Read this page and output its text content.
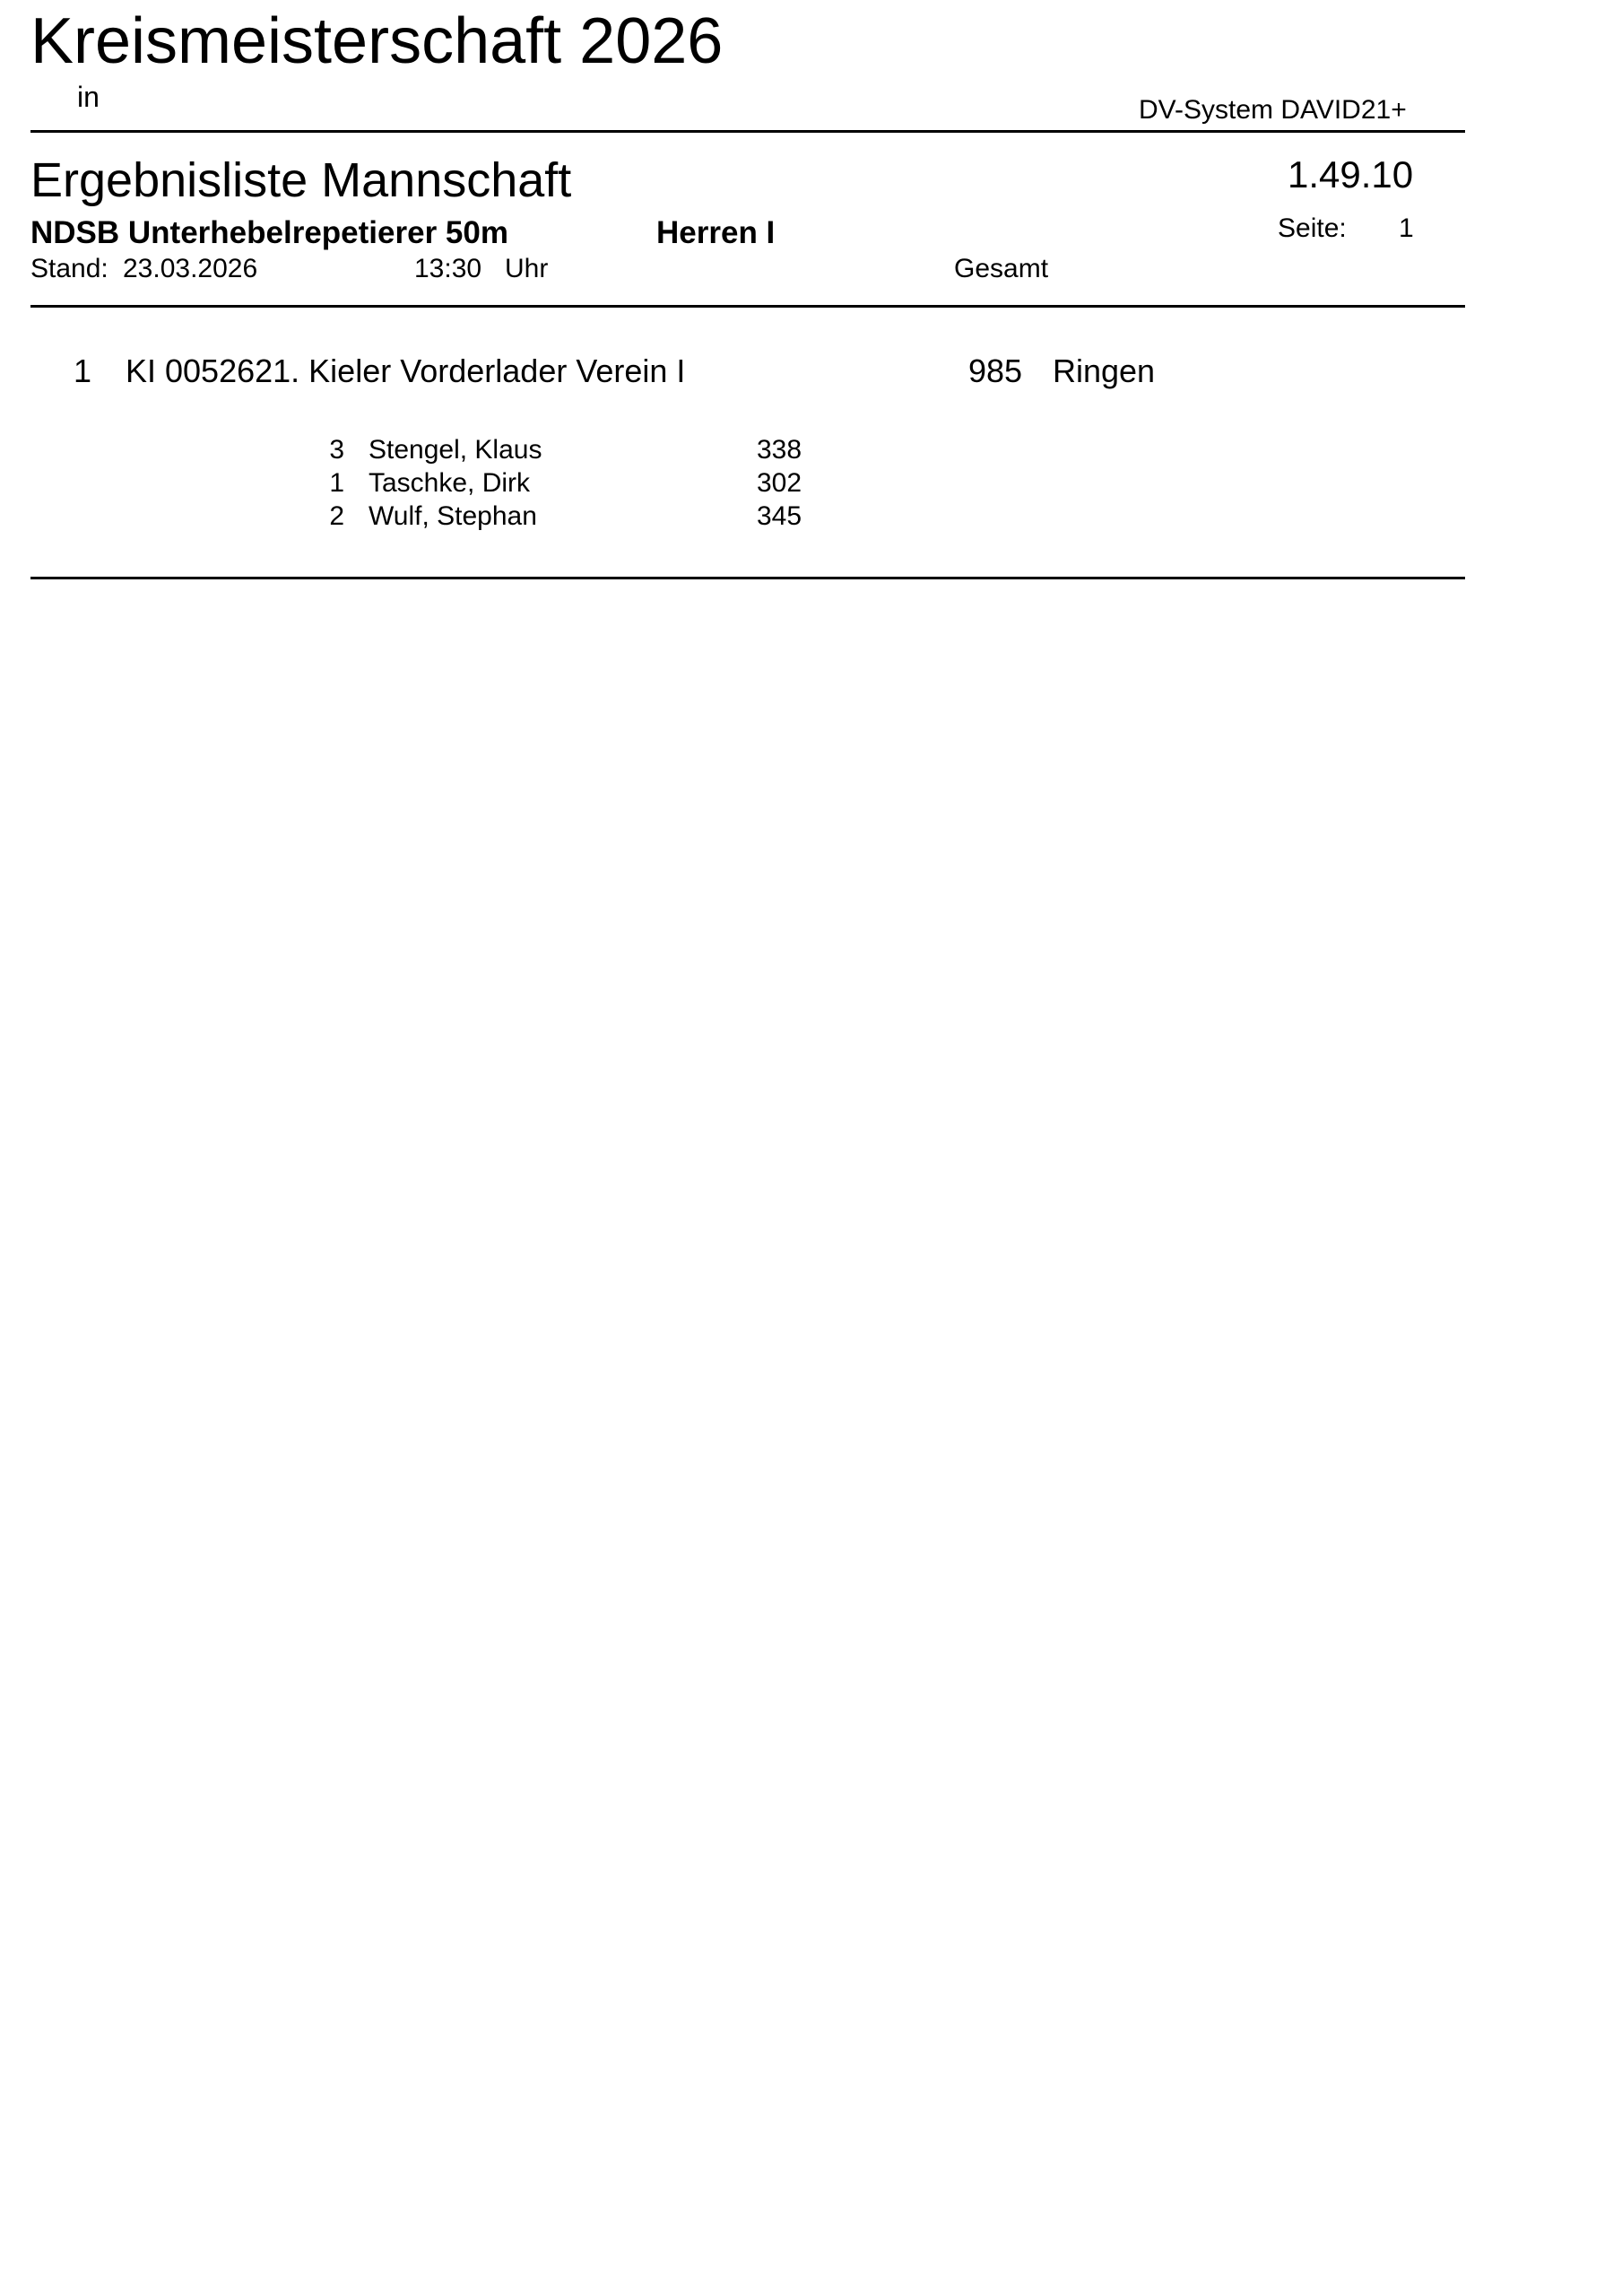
Kreismeisterschaft 2026
in	DV-System DAVID21+
Ergebnisliste Mannschaft	1.49.10
NDSB Unterhebelrepetierer 50m	Herren I	Seite: 1
Stand: 23.03.2026	13:30 Uhr	Gesamt
1 KI 0052621. Kieler Vorderlader Verein I	985 Ringen
3 Stengel, Klaus	338
1 Taschke, Dirk	302
2 Wulf, Stephan	345
